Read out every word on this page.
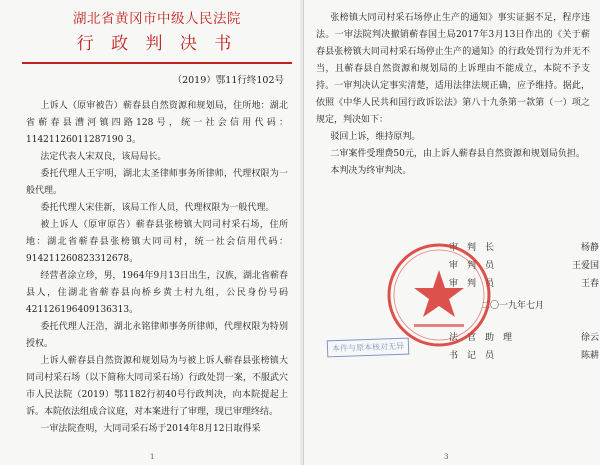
湖北省黄冈市中级人民法院
行 政 判 决 书
（2019）鄂11行终102号

上诉人（原审被告）蕲春县自然资源和规划局，住所地：湖北省蕲春县漕河镇四路128号，统一社会信用代码：11421126011287190 3。

法定代表人宋双良，该局局长。

委托代理人王宇明，湖北太圣律师事务所律师，代理权限为一般代理。

委托代理人宋佳新，该局工作人员，代理权限为一般代理。

被上诉人（原审原告）蕲春县张榜镇大同司村采石场，住所地：湖北省蕲春县张榜镇大同司村，统一社会信用代码：914211260823312678。

经营者涂立珍，男，1964年9月13日出生，汉族，湖北省蕲春县人，住湖北省蕲春县向桥乡黄土村九组，公民身份号码421126196409136313。

委托代理人汪浩，湖北永铭律师事务所律师，代理权限为特别授权。

上诉人蕲春县自然资源和规划局为与被上诉人蕲春县张榜镇大同司村采石场（以下简称大同司采石场）行政处罚一案，不服武穴市人民法院（2019）鄂1182行初40号行政判决，向本院提起上诉。本院依法组成合议庭，对本案进行了审理，现已审理终结。

一审法院查明，大同司采石场于2014年8月12日取得采

1

张榜镇大同司村采石场停止生产的通知》事实证据不足，程序违法。一审法院判决撤销蕲春国土局2017年3月13日作出的《关于蕲春县张榜镇大同司村采石场停止生产的通知》的行政处罚行为并无不当，且蕲春县自然资源和规划局的上诉理由不能成立，本院不予支持。一审判决认定事实清楚，适用法律法规正确，应予维持。据此，依照《中华人民共和国行政诉讼法》第八十九条第一款第（一）项之规定，判决如下：

驳回上诉，维持原判。

二审案件受理费50元，由上诉人蕲春县自然资源和规划局负担。

本判决为终审判决。

审判长	杨静
审判员	王爱国
审判员	王春
二〇一九年七月
法官助理	徐云
书记员	陈耕
本件与原本核对无异
3
